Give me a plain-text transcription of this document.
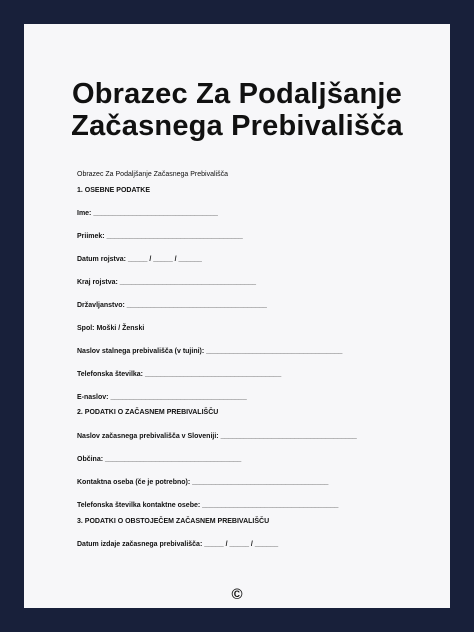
Obrazec Za Podaljšanje
Začasnega Prebivališča
Obrazec Za Podaljšanje Začasnega Prebivališča
1. OSEBNE PODATKE
Ime: ________________________________
Priimek: ___________________________________
Datum rojstva: _____ / _____ / ______
Kraj rojstva: ___________________________________
Državljanstvo: ____________________________________
Spol: Moški / Ženski
Naslov stalnega prebivališča (v tujini): ___________________________________
Telefonska številka: ___________________________________
E-naslov: ___________________________________
2. PODATKI O ZAČASNEM PREBIVALIŠČU
Naslov začasnega prebivališča v Sloveniji: ___________________________________
Občina: ___________________________________
Kontaktna oseba (če je potrebno): ___________________________________
Telefonska številka kontaktne osebe: ___________________________________
3. PODATKI O OBSTOJEČEM ZAČASNEM PREBIVALIŠČU
Datum izdaje začasnega prebivališča: _____ / _____ / ______
©
